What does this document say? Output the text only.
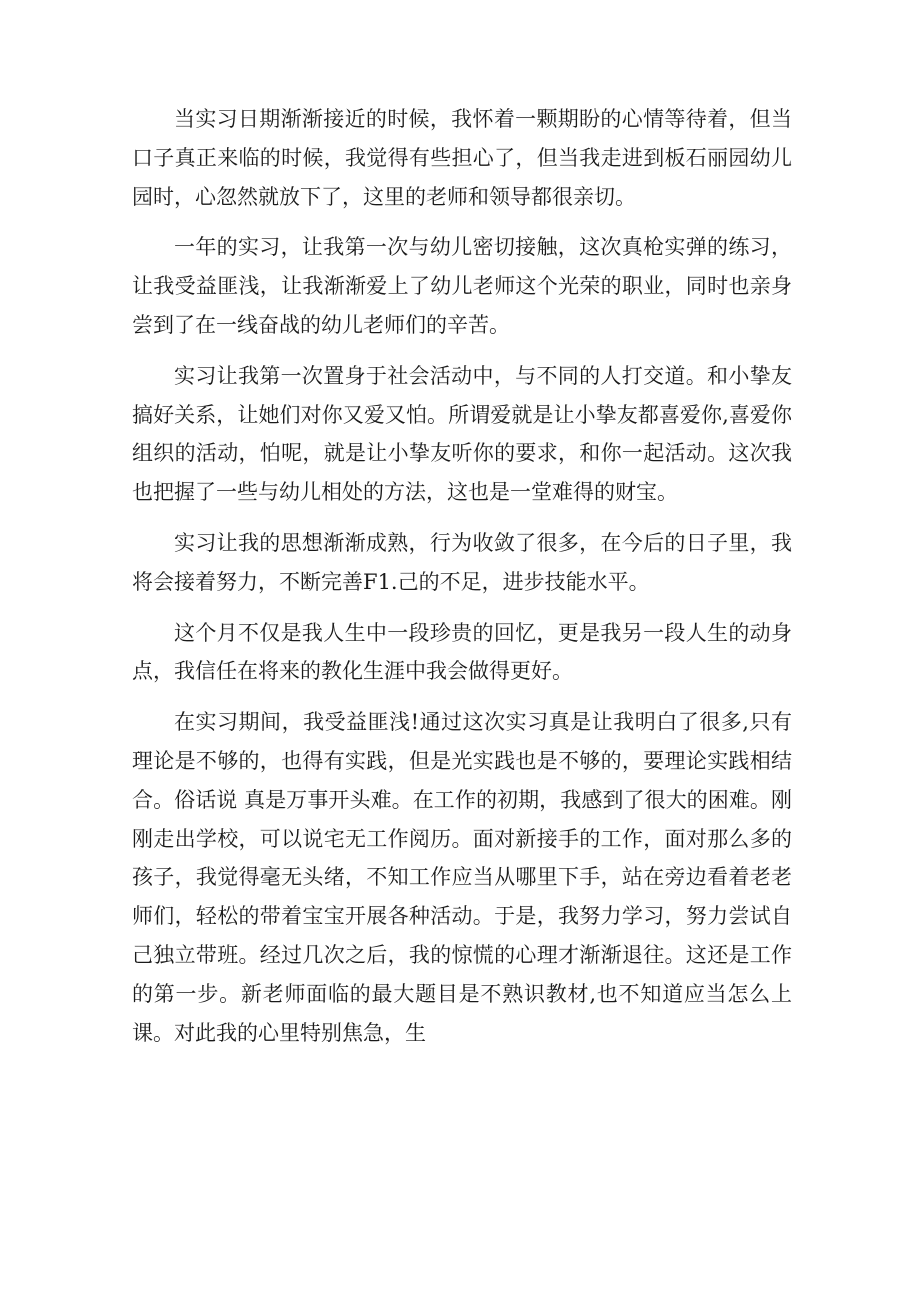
当实习日期渐渐接近的时候，我怀着一颗期盼的心情等待着，但当口子真正来临的时候，我觉得有些担心了，但当我走进到板石丽园幼儿园时，心忽然就放下了，这里的老师和领导都很亲切。

一年的实习，让我第一次与幼儿密切接触，这次真枪实弹的练习，让我受益匪浅，让我渐渐爱上了幼儿老师这个光荣的职业，同时也亲身尝到了在一线奋战的幼儿老师们的辛苦。

实习让我第一次置身于社会活动中，与不同的人打交道。和小挚友搞好关系，让她们对你又爱又怕。所谓爱就是让小挚友都喜爱你,喜爱你组织的活动，怕呢，就是让小挚友听你的要求，和你一起活动。这次我也把握了一些与幼儿相处的方法，这也是一堂难得的财宝。

实习让我的思想渐渐成熟，行为收敛了很多，在今后的日子里，我将会接着努力，不断完善F1.己的不足，进步技能水平。

这个月不仅是我人生中一段珍贵的回忆，更是我另一段人生的动身点，我信任在将来的教化生涯中我会做得更好。

在实习期间，我受益匪浅!通过这次实习真是让我明白了很多,只有理论是不够的，也得有实践，但是光实践也是不够的，要理论实践相结合。俗话说 真是万事开头难。在工作的初期，我感到了很大的困难。刚刚走出学校，可以说宅无工作阅历。面对新接手的工作，面对那么多的孩子，我觉得毫无头绪，不知工作应当从哪里下手，站在旁边看着老老师们，轻松的带着宝宝开展各种活动。于是，我努力学习，努力尝试自己独立带班。经过几次之后，我的惊慌的心理才渐渐退往。这还是工作的第一步。新老师面临的最大题目是不熟识教材,也不知道应当怎么上课。对此我的心里特别焦急，生
